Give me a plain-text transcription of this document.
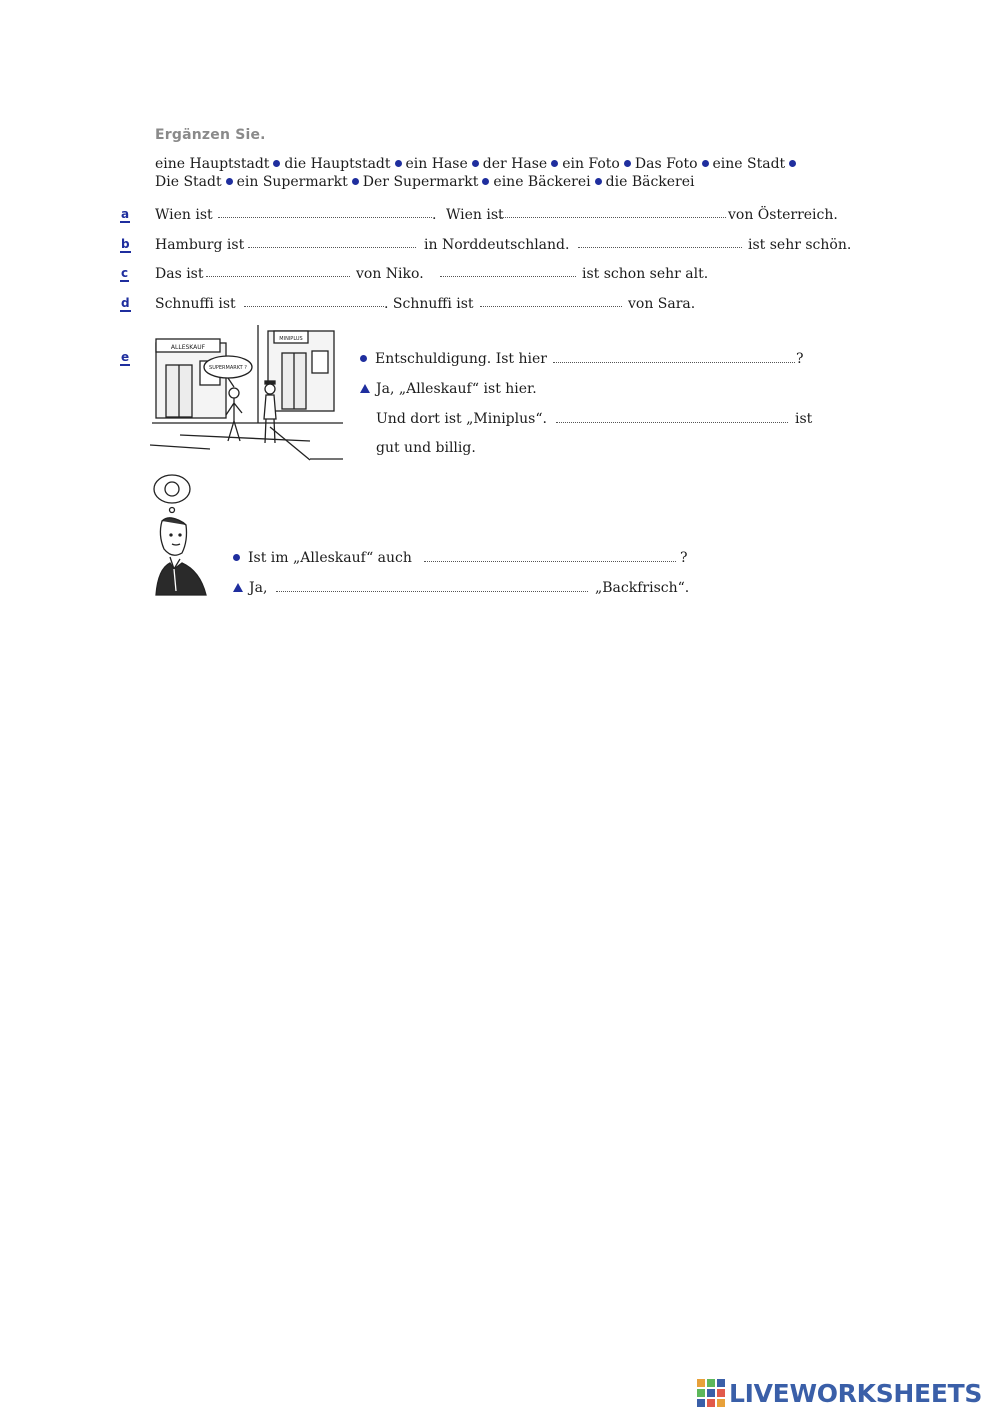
Ergänzen Sie.
eine Hauptstadt die Hauptstadt ein Hase der Hase ein Foto Das Foto eine Stadt
Die Stadt ein Supermarkt Der Supermarkt eine Bäckerei die Bäckerei
a Wien ist	. Wien ist	von Österreich.
b Hamburg ist	in Norddeutschland.	ist sehr schön.
c Das ist	von Niko.	ist schon sehr alt.
d Schnuffi ist	. Schnuffi ist	von Sara.
e
ALLESKAUF
MINIPLUS
SUPERMARKT ?
Entschuldigung. Ist hier	?
Ja, „Alleskauf“ ist hier.
Und dort ist „Miniplus“.	ist
gut und billig.
Ist im „Alleskauf“ auch	?
Ja,	„Backfrisch“.
LIVEWORKSHEETS
